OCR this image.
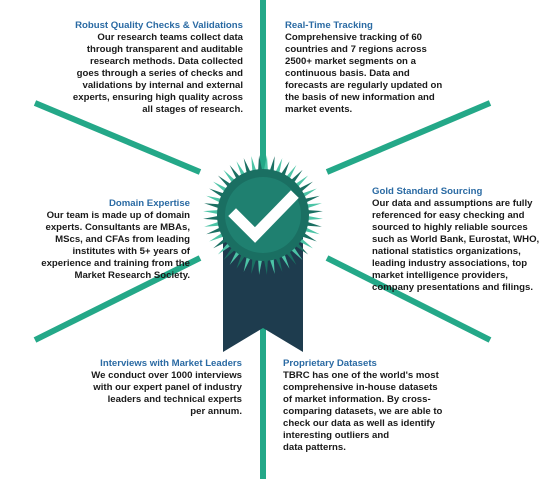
Robust Quality Checks & Validations
Our research teams collect data
through transparent and auditable
research methods. Data collected
goes through a series of checks and
validations by internal and external
experts, ensuring high quality across
all stages of research.
Real-Time Tracking
Comprehensive tracking of 60
countries and 7 regions across
2500+ market segments on a
continuous basis. Data and
forecasts are regularly updated on
the basis of new information and
market events.
Domain Expertise
Our team is made up of domain
experts. Consultants are MBAs,
MScs, and CFAs from leading
institutes with 5+ years of
experience and training from the
Market Research Society.
Gold Standard Sourcing
Our data and assumptions are fully
referenced for easy checking and
sourced to highly reliable sources
such as World Bank, Eurostat, WHO,
national statistics organizations,
leading industry associations, top
market intelligence providers,
company presentations and filings.
Interviews with Market Leaders
We conduct over 1000 interviews
with our expert panel of industry
leaders and technical experts
per annum.
Proprietary Datasets
TBRC has one of the world's most
comprehensive in-house datasets
of market information. By cross-
comparing datasets, we are able to
check our data as well as identify
interesting outliers and
data patterns.
